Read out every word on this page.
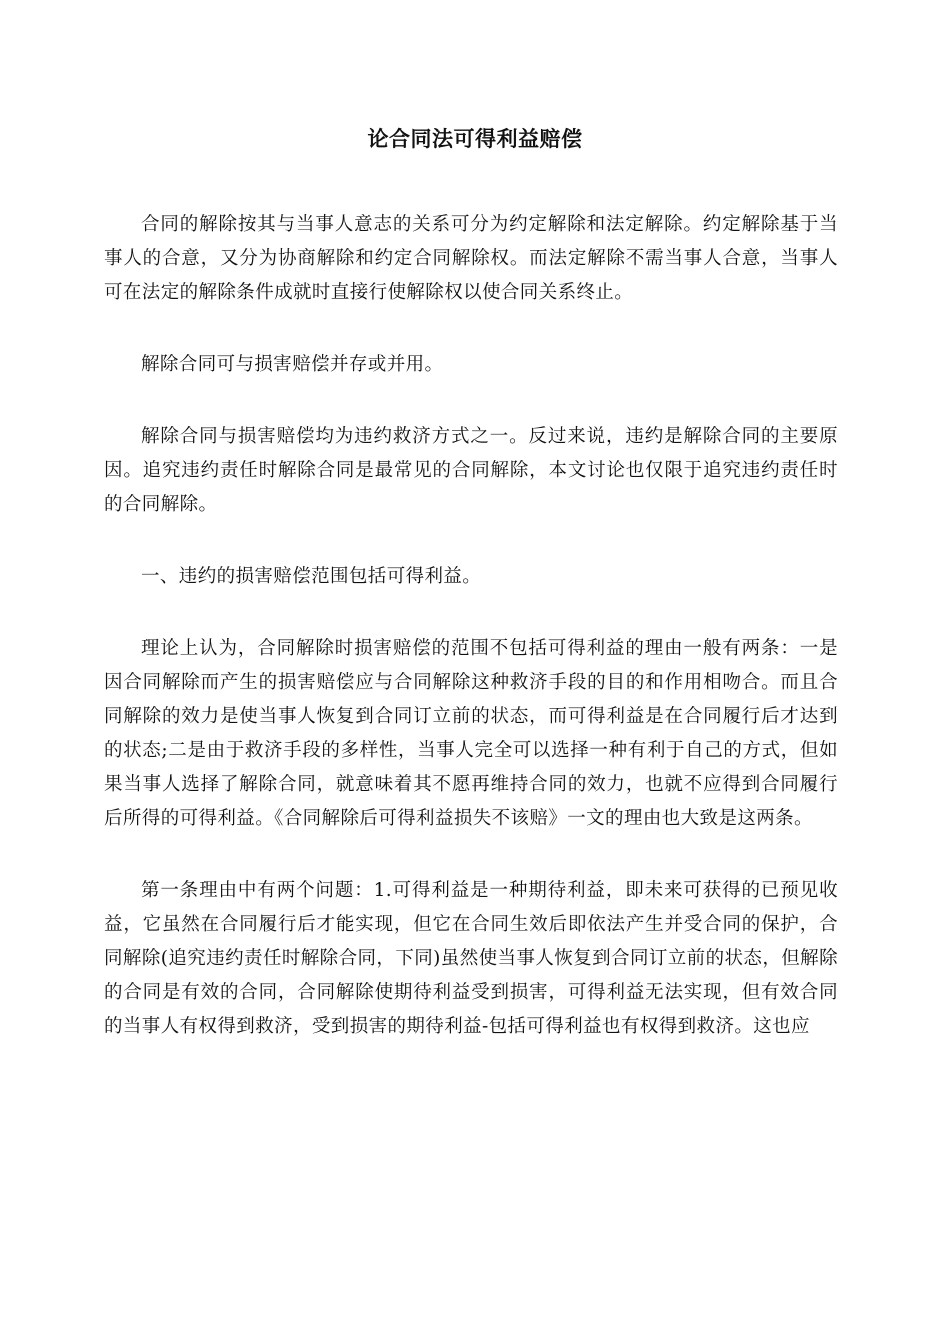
论合同法可得利益赔偿

合同的解除按其与当事人意志的关系可分为约定解除和法定解除。约定解除基于当事人的合意，又分为协商解除和约定合同解除权。而法定解除不需当事人合意，当事人可在法定的解除条件成就时直接行使解除权以使合同关系终止。

解除合同可与损害赔偿并存或并用。

解除合同与损害赔偿均为违约救济方式之一。反过来说，违约是解除合同的主要原因。追究违约责任时解除合同是最常见的合同解除，本文讨论也仅限于追究违约责任时的合同解除。

一、违约的损害赔偿范围包括可得利益。

理论上认为，合同解除时损害赔偿的范围不包括可得利益的理由一般有两条：一是因合同解除而产生的损害赔偿应与合同解除这种救济手段的目的和作用相吻合。而且合同解除的效力是使当事人恢复到合同订立前的状态，而可得利益是在合同履行后才达到的状态;二是由于救济手段的多样性，当事人完全可以选择一种有利于自己的方式，但如果当事人选择了解除合同，就意味着其不愿再维持合同的效力，也就不应得到合同履行后所得的可得利益。《合同解除后可得利益损失不该赔》一文的理由也大致是这两条。

第一条理由中有两个问题：1.可得利益是一种期待利益，即未来可获得的已预见收益，它虽然在合同履行后才能实现，但它在合同生效后即依法产生并受合同的保护，合同解除(追究违约责任时解除合同，下同)虽然使当事人恢复到合同订立前的状态，但解除的合同是有效的合同，合同解除使期待利益受到损害，可得利益无法实现，但有效合同的当事人有权得到救济，受到损害的期待利益-包括可得利益也有权得到救济。这也应
